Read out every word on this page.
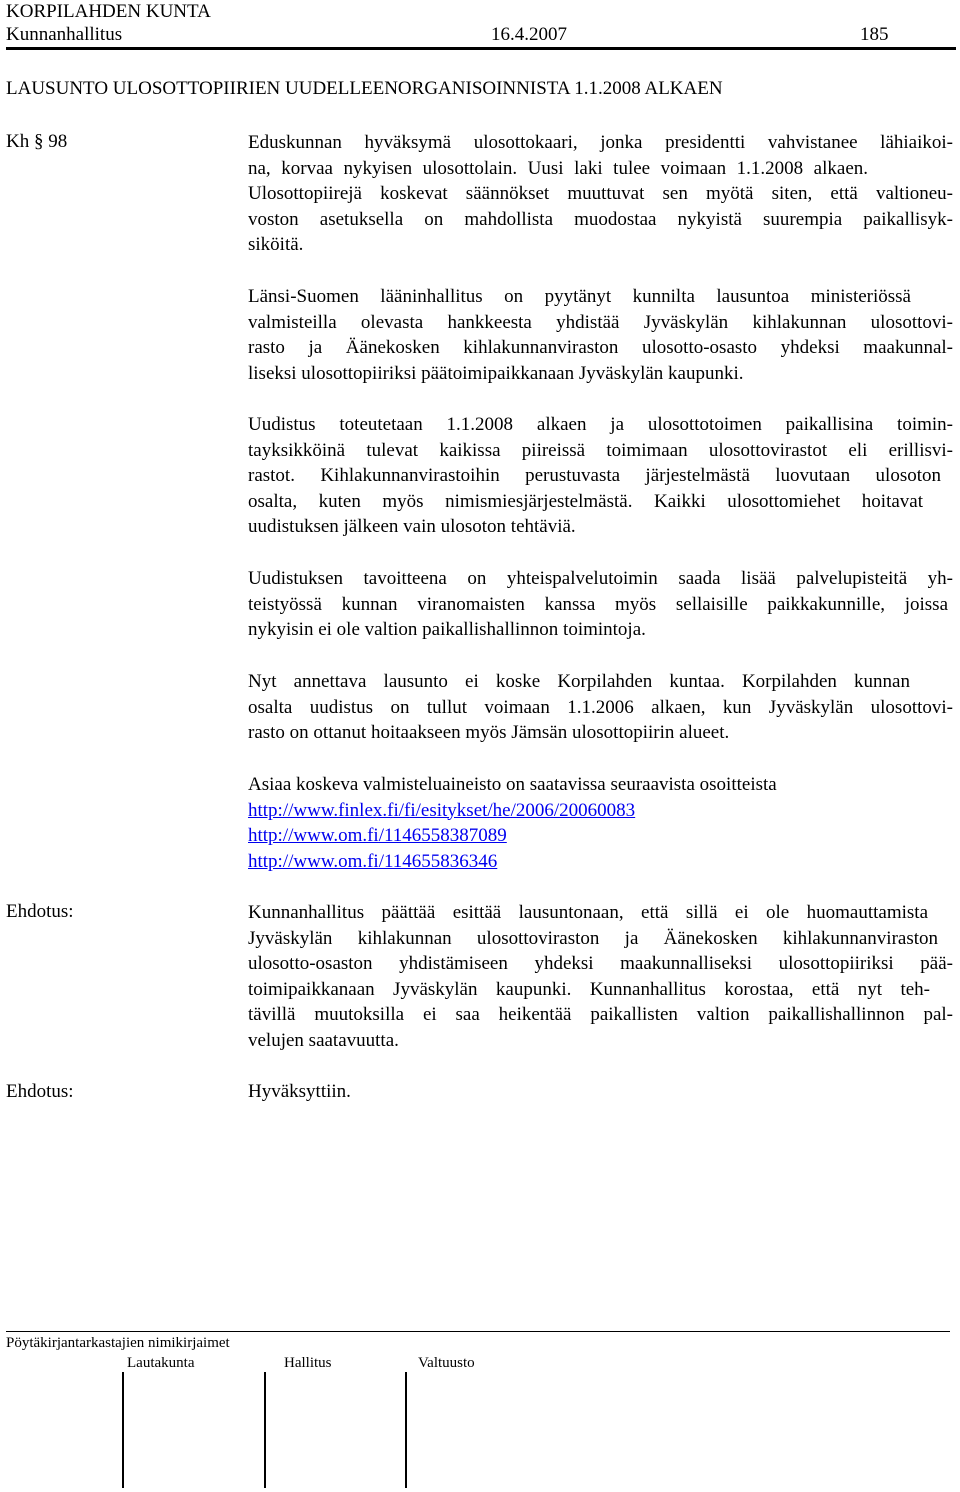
KORPILAHDEN KUNTA
Kunnanhallitus	16.4.2007	185
LAUSUNTO ULOSOTTOPIIRIEN UUDELLEENORGANISOINNISTA 1.1.2008 ALKAEN
Kh § 98	Eduskunnan hyväksymä ulosottokaari, jonka presidentti vahvistanee lähiaikoi-
na, korvaa nykyisen ulosottolain. Uusi laki tulee voimaan 1.1.2008 alkaen.
Ulosottopiirejä koskevat säännökset muuttuvat sen myötä siten, että valtioneu-
voston asetuksella on mahdollista muodostaa nykyistä suurempia paikallisyk-
siköitä.
Länsi-Suomen lääninhallitus on pyytänyt kunnilta lausuntoa ministeriössä
valmisteilla olevasta hankkeesta yhdistää Jyväskylän kihlakunnan ulosottovi-
rasto ja Äänekosken kihlakunnanviraston ulosotto-osasto yhdeksi maakunnal-
liseksi ulosottopiiriksi päätoimipaikkanaan Jyväskylän kaupunki.
Uudistus toteutetaan 1.1.2008 alkaen ja ulosottotoimen paikallisina toimin-
tayksikköinä tulevat kaikissa piireissä toimimaan ulosottovirastot eli erillisvi-
rastot. Kihlakunnanvirastoihin perustuvasta järjestelmästä luovutaan ulosoton
osalta, kuten myös nimismiesjärjestelmästä. Kaikki ulosottomiehet hoitavat
uudistuksen jälkeen vain ulosoton tehtäviä.
Uudistuksen tavoitteena on yhteispalvelutoimin saada lisää palvelupisteitä yh-
teistyössä kunnan viranomaisten kanssa myös sellaisille paikkakunnille, joissa
nykyisin ei ole valtion paikallishallinnon toimintoja.
Nyt annettava lausunto ei koske Korpilahden kuntaa. Korpilahden kunnan
osalta uudistus on tullut voimaan 1.1.2006 alkaen, kun Jyväskylän ulosottovi-
rasto on ottanut hoitaakseen myös Jämsän ulosottopiirin alueet.
Asiaa koskeva valmisteluaineisto on saatavissa seuraavista osoitteista
http://www.finlex.fi/fi/esitykset/he/2006/20060083
http://www.om.fi/1146558387089
http://www.om.fi/114655836346
Ehdotus:	Kunnanhallitus päättää esittää lausuntonaan, että sillä ei ole huomauttamista
Jyväskylän kihlakunnan ulosottoviraston ja Äänekosken kihlakunnanviraston
ulosotto-osaston yhdistämiseen yhdeksi maakunnalliseksi ulosottopiiriksi pää-
toimipaikkanaan Jyväskylän kaupunki. Kunnanhallitus korostaa, että nyt teh-
tävillä muutoksilla ei saa heikentää paikallisten valtion paikallishallinnon pal-
velujen saatavuutta.
Ehdotus:	Hyväksyttiin.
Pöytäkirjantarkastajien nimikirjaimet
Lautakunta	Hallitus	Valtuusto
